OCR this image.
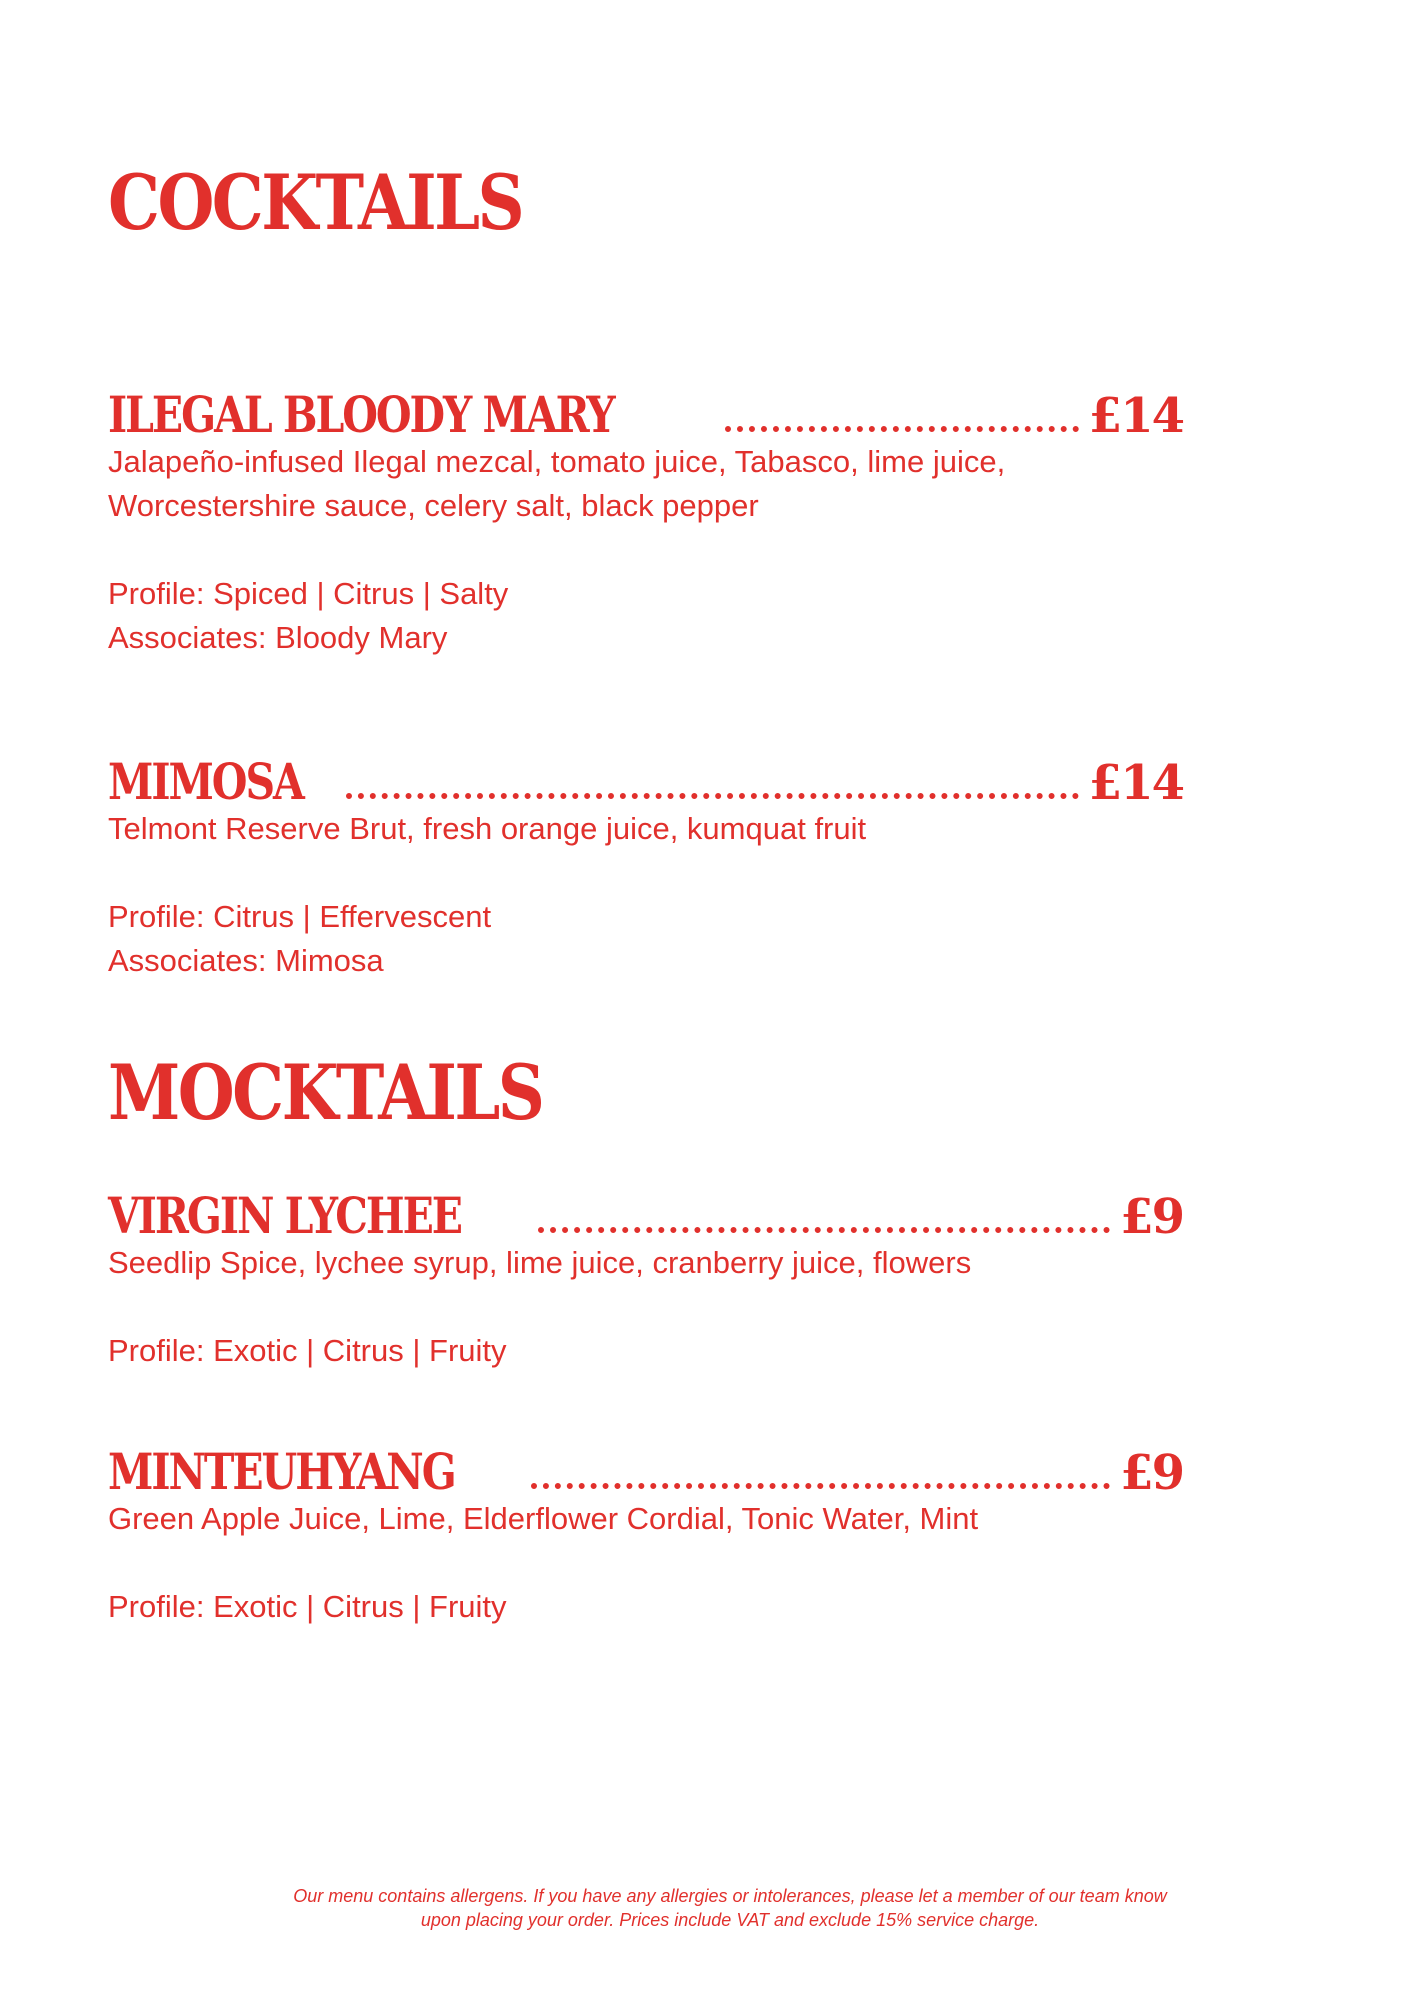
COCKTAILS
ILEGAL BLOODY MARY	£14
Jalapeño-infused Ilegal mezcal, tomato juice, Tabasco, lime juice,
Worcestershire sauce, celery salt, black pepper
Profile: Spiced | Citrus | Salty
Associates: Bloody Mary
MIMOSA	£14
Telmont Reserve Brut, fresh orange juice, kumquat fruit
Profile: Citrus | Effervescent
Associates: Mimosa
MOCKTAILS
VIRGIN LYCHEE	£9
Seedlip Spice, lychee syrup, lime juice, cranberry juice, flowers
Profile: Exotic | Citrus | Fruity
MINTEUHYANG	£9
Green Apple Juice, Lime, Elderflower Cordial, Tonic Water, Mint
Profile: Exotic | Citrus | Fruity
Our menu contains allergens. If you have any allergies or intolerances, please let a member of our team know
upon placing your order. Prices include VAT and exclude 15% service charge.
